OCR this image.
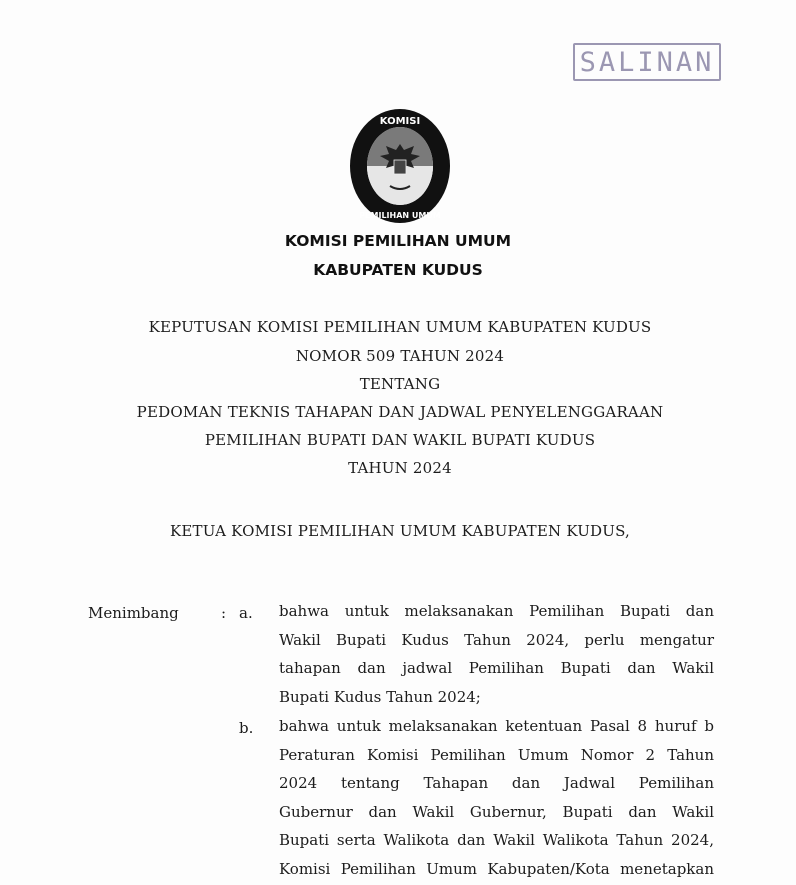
SALINAN
KOMISI
PEMILIHAN UMUM
KOMISI PEMILIHAN UMUM
KABUPATEN KUDUS
KEPUTUSAN KOMISI PEMILIHAN UMUM KABUPATEN KUDUS
NOMOR 509 TAHUN 2024
TENTANG
PEDOMAN TEKNIS TAHAPAN DAN JADWAL PENYELENGGARAAN
PEMILIHAN BUPATI DAN WAKIL BUPATI KUDUS
TAHUN 2024
KETUA KOMISI PEMILIHAN UMUM KABUPATEN KUDUS,
Menimbang	: a. bahwa untuk melaksanakan Pemilihan Bupati dan
Wakil Bupati Kudus Tahun 2024, perlu mengatur
tahapan dan jadwal Pemilihan Bupati dan Wakil
Bupati Kudus Tahun 2024;
b. bahwa untuk melaksanakan ketentuan Pasal 8 huruf b
Peraturan Komisi Pemilihan Umum Nomor 2 Tahun
2024 tentang Tahapan dan Jadwal Pemilihan
Gubernur dan Wakil Gubernur, Bupati dan Wakil
Bupati serta Walikota dan Wakil Walikota Tahun 2024,
Komisi Pemilihan Umum Kabupaten/Kota menetapkan
